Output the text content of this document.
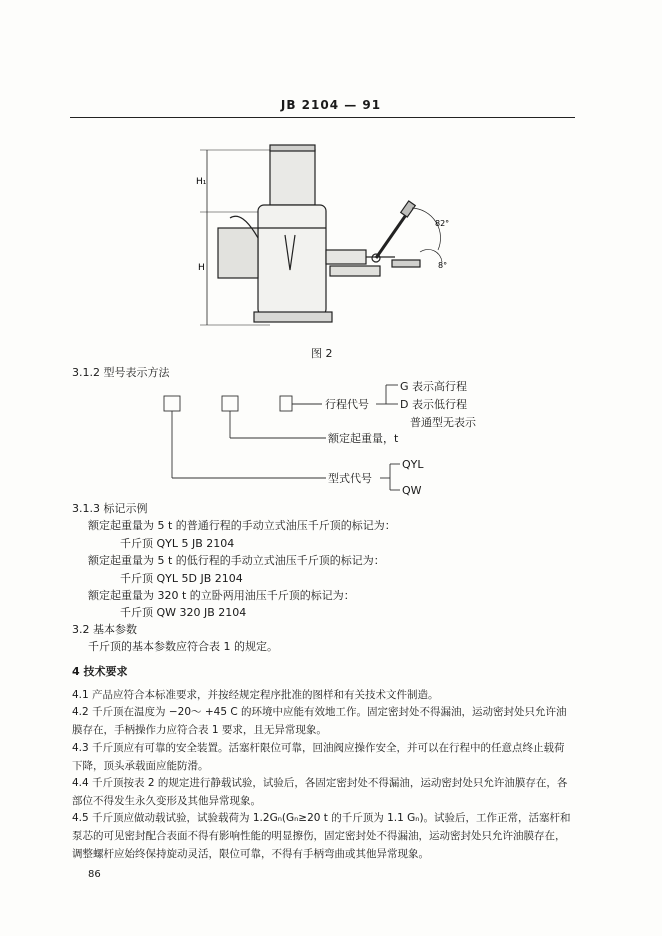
JB 2104 — 91
H₁
H
82°
8°
图 2
3.1.2 型号表示方法
行程代号
G 表示高行程
D 表示低行程
普通型无表示
额定起重量，t
型式代号
QYL
QW
3.1.3 标记示例
额定起重量为 5 t 的普通行程的手动立式油压千斤顶的标记为：
千斤顶 QYL 5 JB 2104
额定起重量为 5 t 的低行程的手动立式油压千斤顶的标记为：
千斤顶 QYL 5D JB 2104
额定起重量为 320 t 的立卧两用油压千斤顶的标记为：
千斤顶 QW 320 JB 2104
3.2 基本参数
千斤顶的基本参数应符合表 1 的规定。
4 技术要求
4.1 产品应符合本标准要求，并按经规定程序批准的图样和有关技术文件制造。
4.2 千斤顶在温度为 −20～ +45 C 的环境中应能有效地工作。固定密封处不得漏油，运动密封处只允许油膜存在，手柄操作力应符合表 1 要求，且无异常现象。
4.3 千斤顶应有可靠的安全装置。活塞杆限位可靠，回油阀应操作安全，并可以在行程中的任意点终止载荷下降，顶头承载面应能防滑。
4.4 千斤顶按表 2 的规定进行静载试验，试验后，各固定密封处不得漏油，运动密封处只允许油膜存在，各部位不得发生永久变形及其他异常现象。
4.5 千斤顶应做动载试验，试验载荷为 1.2Gₙ(Gₙ≥20 t 的千斤顶为 1.1 Gₙ)。试验后，工作正常，活塞杆和泵芯的可见密封配合表面不得有影响性能的明显擦伤，固定密封处不得漏油，运动密封处只允许油膜存在，调整螺杆应始终保持旋动灵活，限位可靠，不得有手柄弯曲或其他异常现象。
86
